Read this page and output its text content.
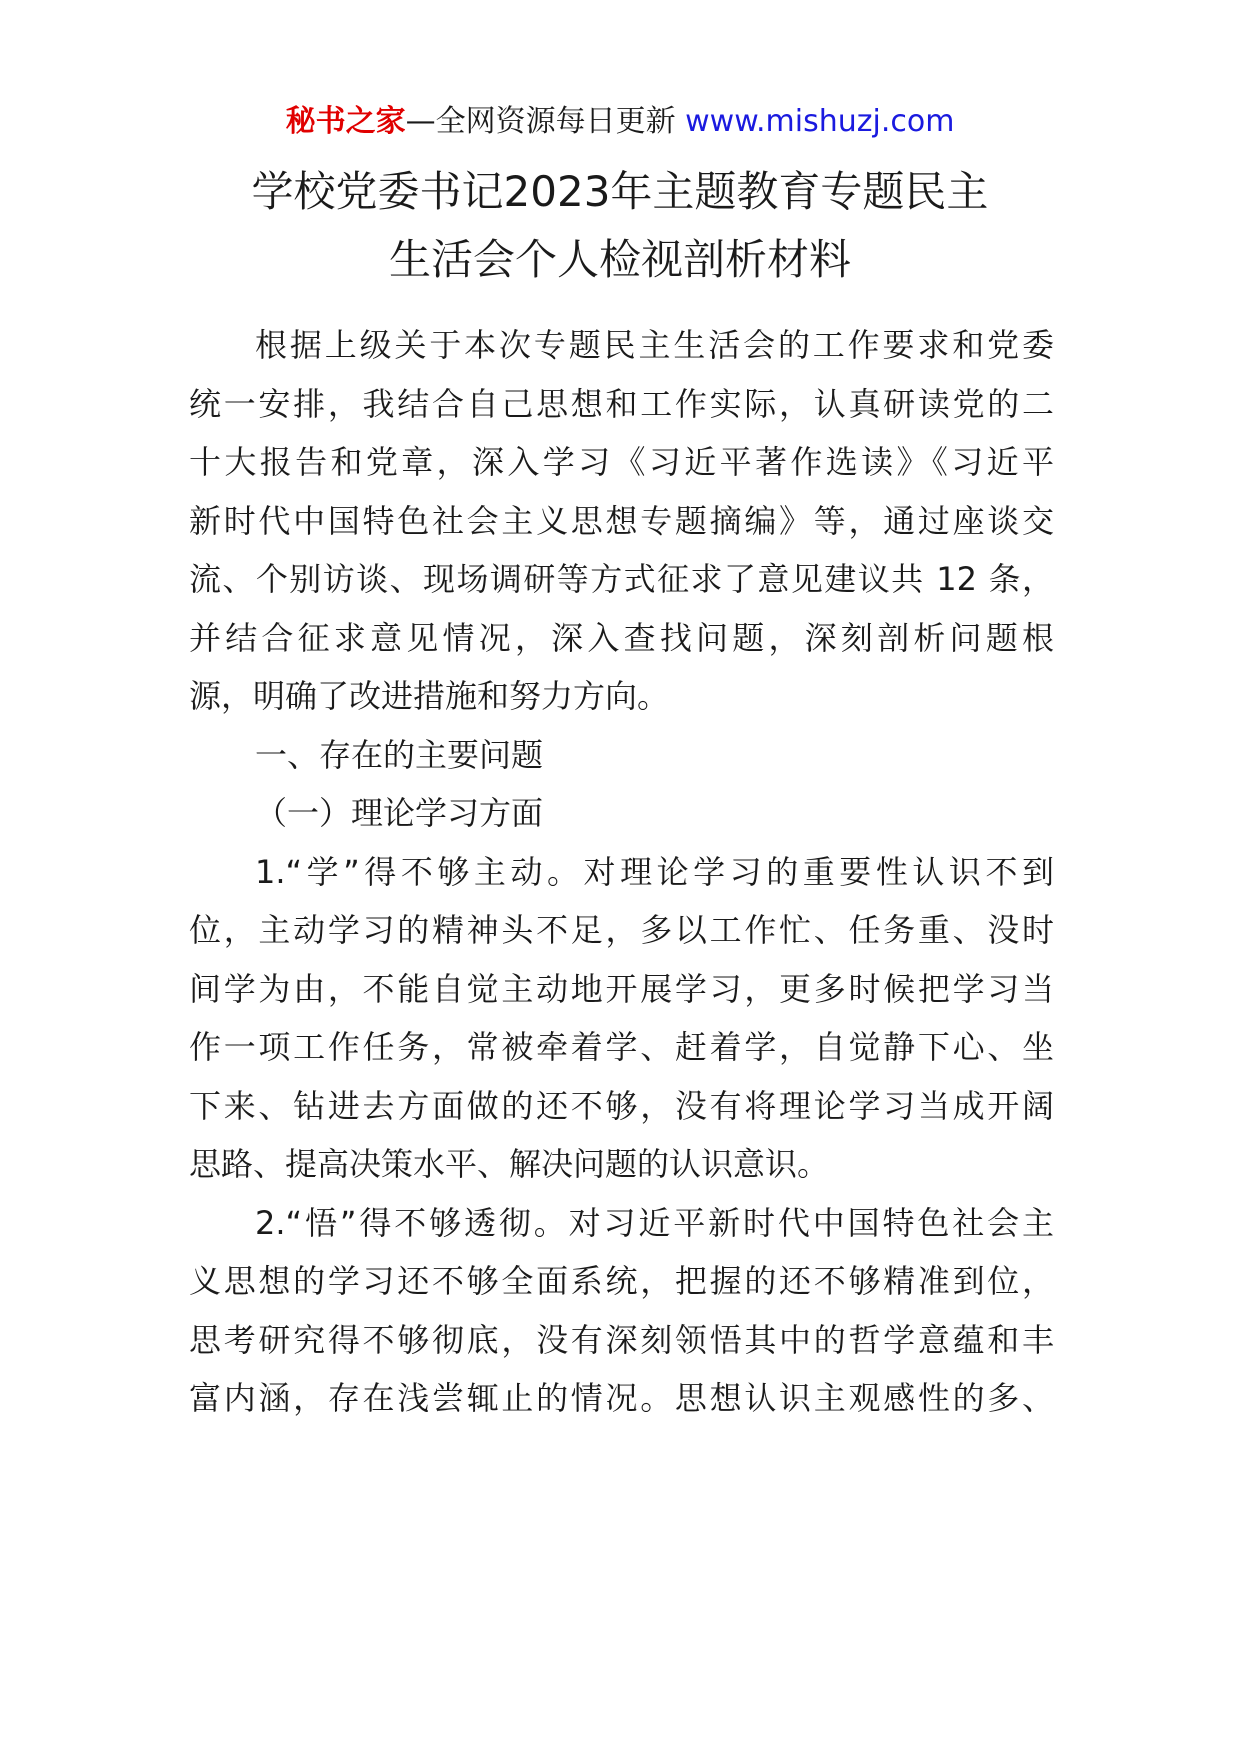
秘书之家—全网资源每日更新 www.mishuzj.com
学校党委书记2023年主题教育专题民主
生活会个人检视剖析材料
根据上级关于本次专题民主生活会的工作要求和党委
统一安排，我结合自己思想和工作实际，认真研读党的二
十大报告和党章，深入学习《习近平著作选读》《习近平
新时代中国特色社会主义思想专题摘编》等，通过座谈交
流、个别访谈、现场调研等方式征求了意见建议共 12 条，
并结合征求意见情况，深入查找问题，深刻剖析问题根
源，明确了改进措施和努力方向。
一、存在的主要问题
（一）理论学习方面
1.“学”得不够主动。对理论学习的重要性认识不到
位，主动学习的精神头不足，多以工作忙、任务重、没时
间学为由，不能自觉主动地开展学习，更多时候把学习当
作一项工作任务，常被牵着学、赶着学，自觉静下心、坐
下来、钻进去方面做的还不够，没有将理论学习当成开阔
思路、提高决策水平、解决问题的认识意识。
2.“悟”得不够透彻。对习近平新时代中国特色社会主
义思想的学习还不够全面系统，把握的还不够精准到位，
思考研究得不够彻底，没有深刻领悟其中的哲学意蕴和丰
富内涵，存在浅尝辄止的情况。思想认识主观感性的多、
